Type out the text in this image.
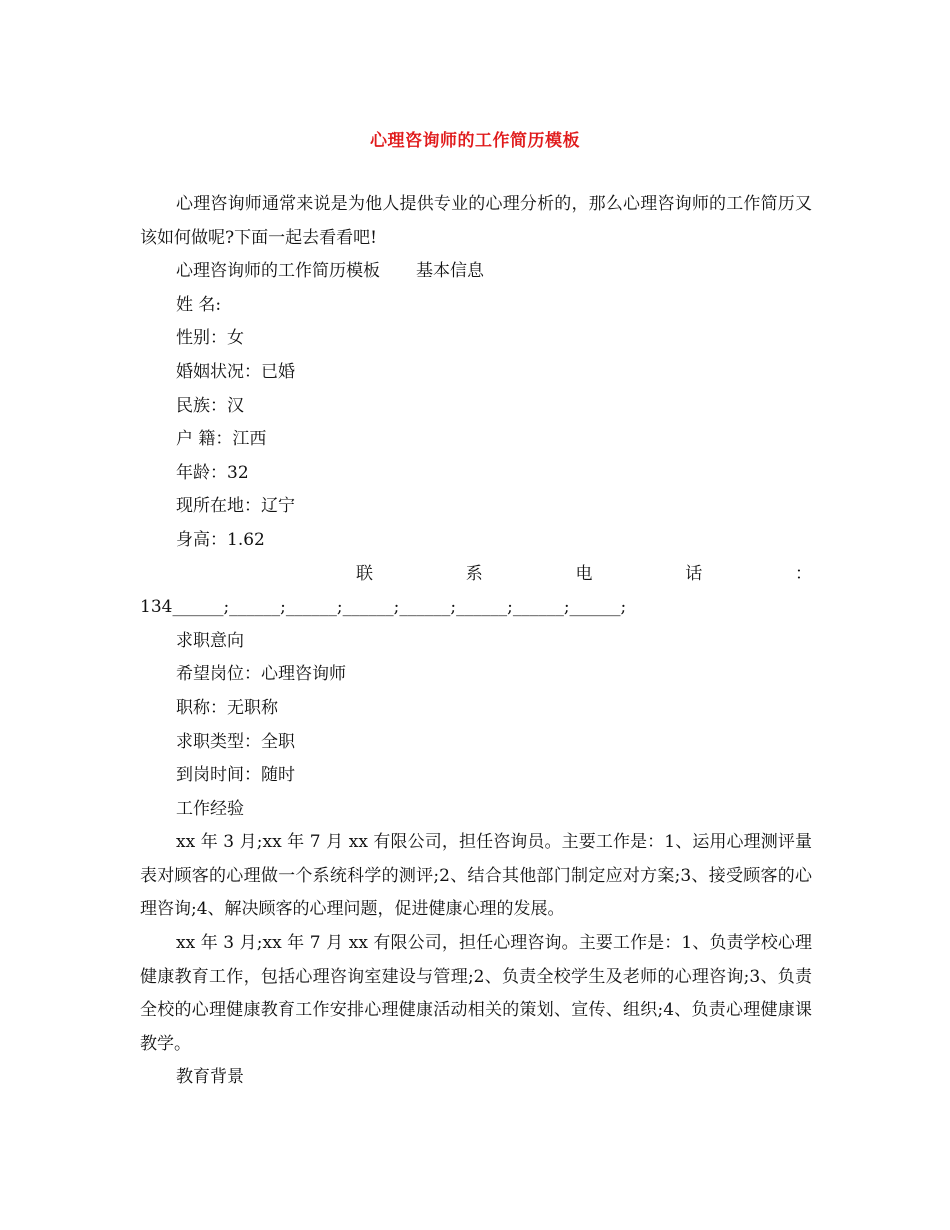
心理咨询师的工作简历模板

心理咨询师通常来说是为他人提供专业的心理分析的，那么心理咨询师的工作简历又该如何做呢?下面一起去看看吧!

心理咨询师的工作简历模板 基本信息

姓 名:

性别：女

婚姻状况：已婚

民族：汉

户 籍：江西

年龄：32

现所在地：辽宁

身高：1.62

联	系	电	话	：

134______;______;______;______;______;______;______;______;

求职意向

希望岗位：心理咨询师

职称：无职称

求职类型：全职

到岗时间：随时

工作经验

xx 年 3 月;xx 年 7 月 xx 有限公司，担任咨询员。主要工作是：1、运用心理测评量表对顾客的心理做一个系统科学的测评;2、结合其他部门制定应对方案;3、接受顾客的心理咨询;4、解决顾客的心理问题，促进健康心理的发展。

xx 年 3 月;xx 年 7 月 xx 有限公司，担任心理咨询。主要工作是：1、负责学校心理健康教育工作，包括心理咨询室建设与管理;2、负责全校学生及老师的心理咨询;3、负责全校的心理健康教育工作安排心理健康活动相关的策划、宣传、组织;4、负责心理健康课教学。

教育背景
